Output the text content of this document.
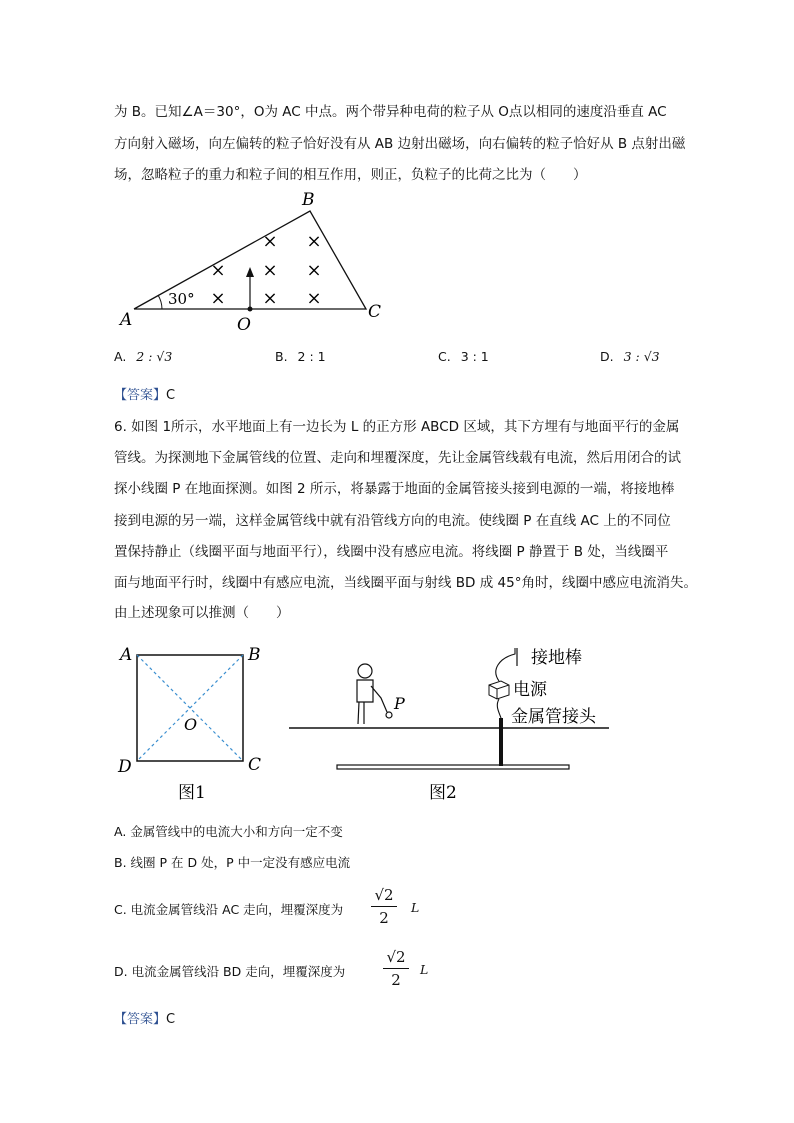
为 B。已知∠A＝30°，O为 AC 中点。两个带异种电荷的粒子从 O点以相同的速度沿垂直 AC
方向射入磁场，向左偏转的粒子恰好没有从 AB 边射出磁场，向右偏转的粒子恰好从 B 点射出磁
场，忽略粒子的重力和粒子间的相互作用，则正，负粒子的比荷之比为（　　）
A
B
C
O
30°
× ×
× × ×
× × ×
A. 2 : √3	B. 2 : 1	C. 3 : 1	D. 3 : √3
【答案】C
6. 如图 1所示，水平地面上有一边长为 L 的正方形 ABCD 区域，其下方埋有与地面平行的金属
管线。为探测地下金属管线的位置、走向和埋覆深度，先让金属管线载有电流，然后用闭合的试
探小线圈 P 在地面探测。如图 2 所示，将暴露于地面的金属管接头接到电源的一端，将接地棒
接到电源的另一端，这样金属管线中就有沿管线方向的电流。使线圈 P 在直线 AC 上的不同位
置保持静止（线圈平面与地面平行），线圈中没有感应电流。将线圈 P 静置于 B 处，当线圈平
面与地面平行时，线圈中有感应电流，当线圈平面与射线 BD 成 45°角时，线圈中感应电流消失。
由上述现象可以推测（　　）
A	B
C
D
O
图1
P
接地棒
电源
金属管接头
图2
A. 金属管线中的电流大小和方向一定不变
B. 线圈 P 在 D 处，P 中一定没有感应电流
C. 电流金属管线沿 AC 走向，埋覆深度为 $\frac{√2}{2}$ L
D. 电流金属管线沿 BD 走向，埋覆深度为	$\frac{√2}{2}$ L
【答案】C
